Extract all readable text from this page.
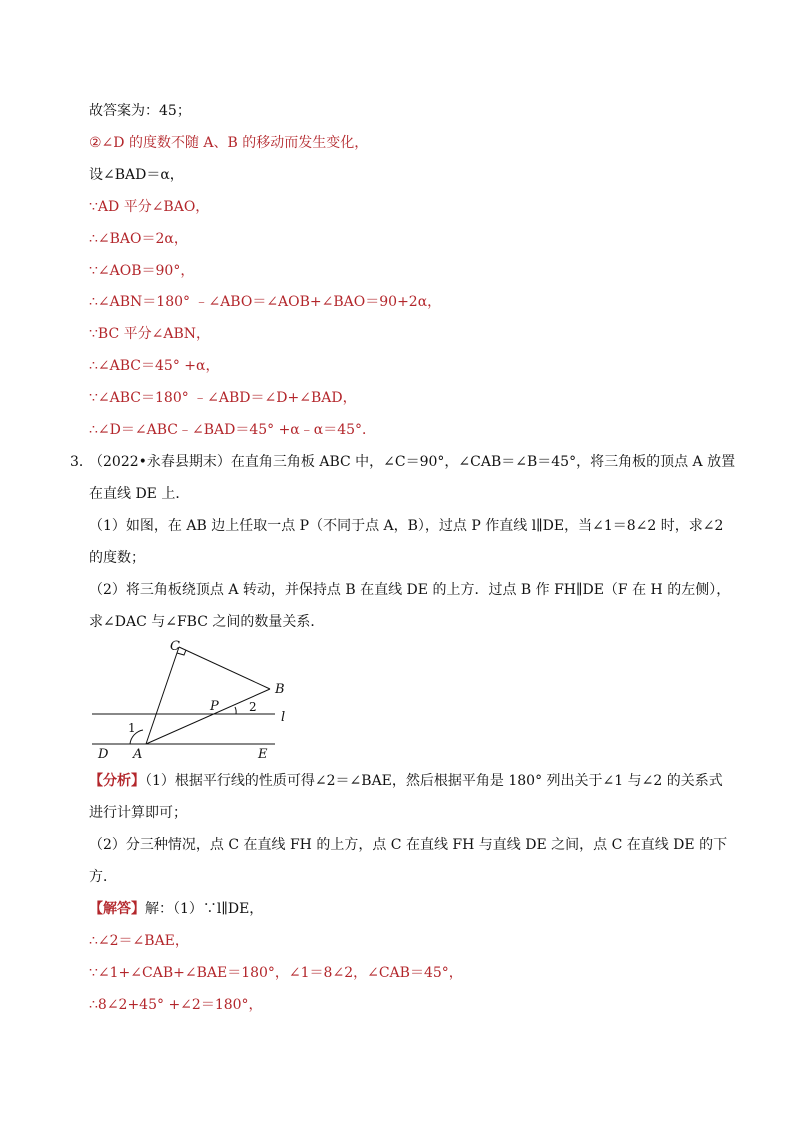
故答案为：45；
②∠D 的度数不随 A、B 的移动而发生变化，
设∠BAD＝α，
∵AD 平分∠BAO，
∴∠BAO＝2α，
∵∠AOB＝90°，
∴∠ABN＝180° ﹣∠ABO＝∠AOB+∠BAO＝90+2α，
∵BC 平分∠ABN，
∴∠ABC＝45° +α，
∵∠ABC＝180° ﹣∠ABD＝∠D+∠BAD，
∴∠D＝∠ABC﹣∠BAD＝45° +α﹣α＝45°．
3．
（2022•永春县期末）在直角三角板 ABC 中，∠C＝90°，∠CAB＝∠B＝45°，将三角板的顶点 A 放置
在直线 DE 上．
（1）如图，在 AB 边上任取一点 P（不同于点 A，B），过点 P 作直线 l∥DE，当∠1＝8∠2 时，求∠2
的度数；
（2）将三角板绕顶点 A 转动，并保持点 B 在直线 DE 的上方．过点 B 作 FH∥DE（F 在 H 的左侧），
求∠DAC 与∠FBC 之间的数量关系．
C
B
P
l
1
2
D A	E
【分析】（1）根据平行线的性质可得∠2＝∠BAE，然后根据平角是 180° 列出关于∠1 与∠2 的关系式
进行计算即可；
（2）分三种情况，点 C 在直线 FH 的上方，点 C 在直线 FH 与直线 DE 之间，点 C 在直线 DE 的下
方．
【解答】解：（1）∵l∥DE，
∴∠2＝∠BAE，
∵∠1+∠CAB+∠BAE＝180°，∠1＝8∠2，∠CAB＝45°，
∴8∠2+45° +∠2＝180°，
